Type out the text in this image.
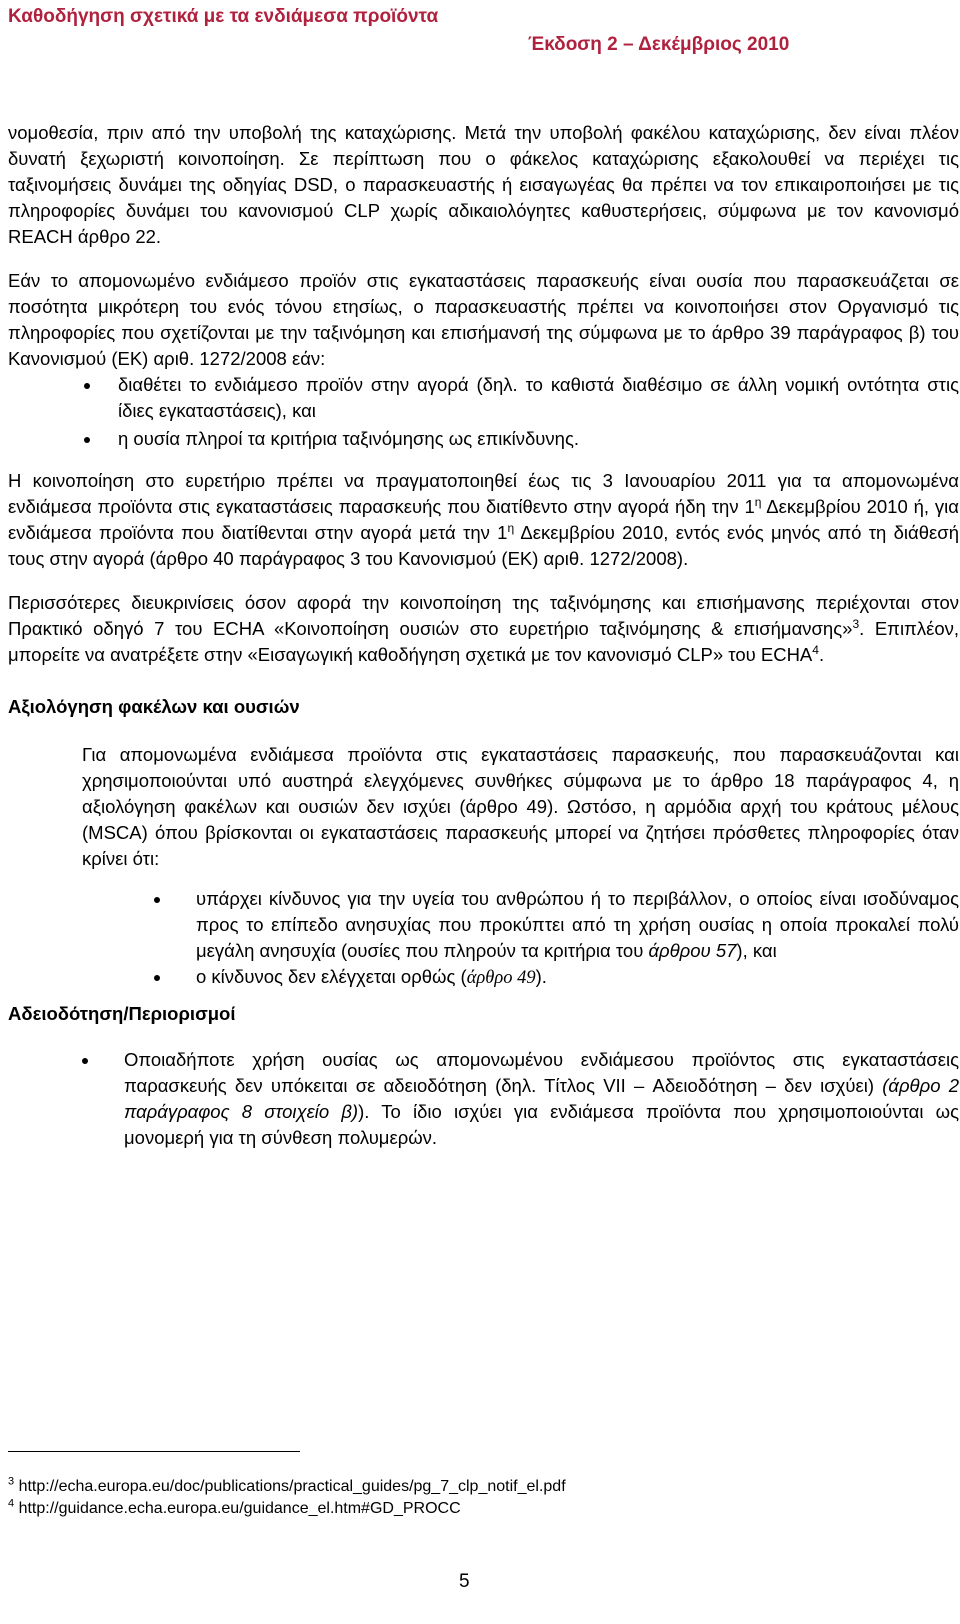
Καθοδήγηση σχετικά με τα ενδιάμεσα προϊόντα
Έκδοση 2 – Δεκέμβριος 2010

νομοθεσία, πριν από την υποβολή της καταχώρισης. Μετά την υποβολή φακέλου καταχώρισης, δεν είναι πλέον δυνατή ξεχωριστή κοινοποίηση. Σε περίπτωση που ο φάκελος καταχώρισης εξακολουθεί να περιέχει τις ταξινομήσεις δυνάμει της οδηγίας DSD, ο παρασκευαστής ή εισαγωγέας θα πρέπει να τον επικαιροποιήσει με τις πληροφορίες δυνάμει του κανονισμού CLP χωρίς αδικαιολόγητες καθυστερήσεις, σύμφωνα με τον κανονισμό REACH άρθρο 22.

Εάν το απομονωμένο ενδιάμεσο προϊόν στις εγκαταστάσεις παρασκευής είναι ουσία που παρασκευάζεται σε ποσότητα μικρότερη του ενός τόνου ετησίως, ο παρασκευαστής πρέπει να κοινοποιήσει στον Οργανισμό τις πληροφορίες που σχετίζονται με την ταξινόμηση και επισήμανσή της σύμφωνα με το άρθρο 39 παράγραφος β) του Κανονισμού (ΕΚ) αριθ. 1272/2008 εάν:

διαθέτει το ενδιάμεσο προϊόν στην αγορά (δηλ. το καθιστά διαθέσιμο σε άλλη νομική οντότητα στις ίδιες εγκαταστάσεις), και
η ουσία πληροί τα κριτήρια ταξινόμησης ως επικίνδυνης.

Η κοινοποίηση στο ευρετήριο πρέπει να πραγματοποιηθεί έως τις 3 Ιανουαρίου 2011 για τα απομονωμένα ενδιάμεσα προϊόντα στις εγκαταστάσεις παρασκευής που διατίθεντο στην αγορά ήδη την $1^\eta$ Δεκεμβρίου 2010 ή, για ενδιάμεσα προϊόντα που διατίθενται στην αγορά μετά την $1^\eta$ Δεκεμβρίου 2010, εντός ενός μηνός από τη διάθεσή τους στην αγορά (άρθρο 40 παράγραφος 3 του Κανονισμού (ΕΚ) αριθ. 1272/2008).

Περισσότερες διευκρινίσεις όσον αφορά την κοινοποίηση της ταξινόμησης και επισήμανσης περιέχονται στον Πρακτικό οδηγό 7 του ECHA «Κοινοποίηση ουσιών στο ευρετήριο ταξινόμησης & επισήμανσης»$^3$. Επιπλέον, μπορείτε να ανατρέξετε στην «Εισαγωγική καθοδήγηση σχετικά με τον κανονισμό CLP» του ECHA$^4$.

Αξιολόγηση φακέλων και ουσιών

Για απομονωμένα ενδιάμεσα προϊόντα στις εγκαταστάσεις παρασκευής, που παρασκευάζονται και χρησιμοποιούνται υπό αυστηρά ελεγχόμενες συνθήκες σύμφωνα με το άρθρο 18 παράγραφος 4, η αξιολόγηση φακέλων και ουσιών δεν ισχύει (άρθρο 49). Ωστόσο, η αρμόδια αρχή του κράτους μέλους (MSCA) όπου βρίσκονται οι εγκαταστάσεις παρασκευής μπορεί να ζητήσει πρόσθετες πληροφορίες όταν κρίνει ότι:

υπάρχει κίνδυνος για την υγεία του ανθρώπου ή το περιβάλλον, ο οποίος είναι ισοδύναμος προς το επίπεδο ανησυχίας που προκύπτει από τη χρήση ουσίας η οποία προκαλεί πολύ μεγάλη ανησυχία (ουσίες που πληρούν τα κριτήρια του άρθρου 57), και
ο κίνδυνος δεν ελέγχεται ορθώς (άρθρο 49).
Αδειοδότηση/Περιορισμοί
Οποιαδήποτε χρήση ουσίας ως απομονωμένου ενδιάμεσου προϊόντος στις εγκαταστάσεις παρασκευής δεν υπόκειται σε αδειοδότηση (δηλ. Τίτλος VII – Αδειοδότηση – δεν ισχύει) (άρθρο 2 παράγραφος 8 στοιχείο β)). Το ίδιο ισχύει για ενδιάμεσα προϊόντα που χρησιμοποιούνται ως μονομερή για τη σύνθεση πολυμερών.
$^3$ http://echa.europa.eu/doc/publications/practical_guides/pg_7_clp_notif_el.pdf
$^4$ http://guidance.echa.europa.eu/guidance_el.htm#GD_PROCC
5
